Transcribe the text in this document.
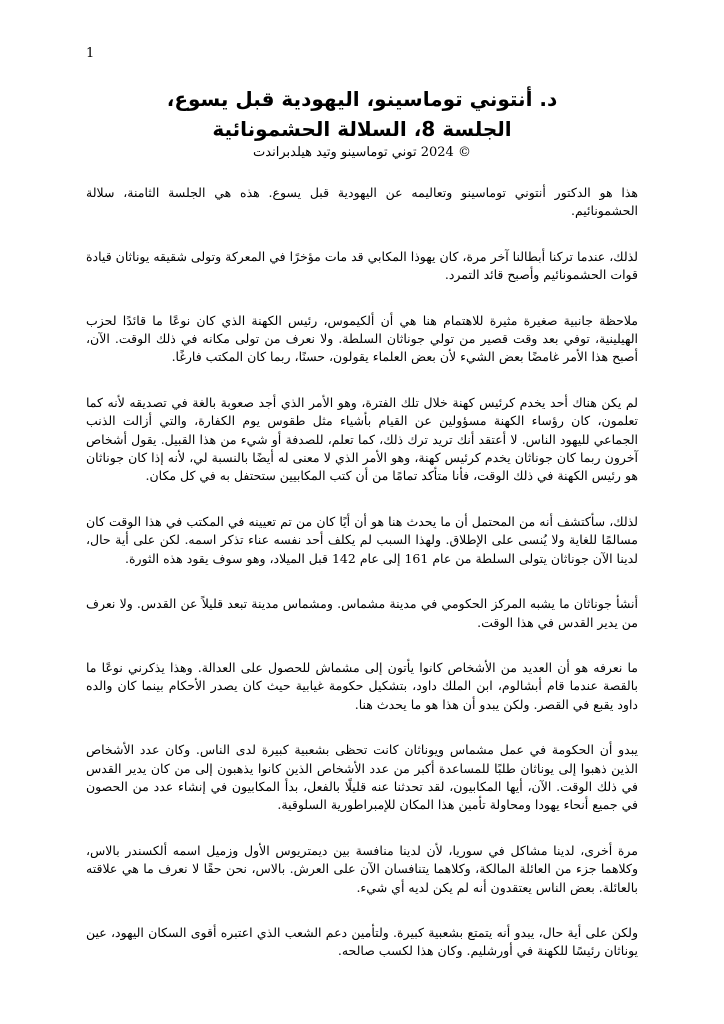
1

د. أنتوني توماسينو، اليهودية قبل يسوع،

الجلسة 8، السلالة الحشمونائية

© 2024 توني توماسينو وتيد هيلدبراندت

هذا هو الدكتور أنتوني توماسينو وتعاليمه عن اليهودية قبل يسوع. هذه هي الجلسة الثامنة، سلالة الحشمونائيم.

لذلك، عندما تركنا أبطالنا آخر مرة، كان يهوذا المكابي قد مات مؤخرًا في المعركة وتولى شقيقه يوناثان قيادة قوات الحشمونائيم وأصبح قائد التمرد.

ملاحظة جانبية صغيرة مثيرة للاهتمام هنا هي أن ألكيموس، رئيس الكهنة الذي كان نوعًا ما قائدًا لحزب الهيلينية، توفي بعد وقت قصير من تولي جوناثان السلطة. ولا نعرف من تولى مكانه في ذلك الوقت. الآن، أصبح هذا الأمر غامضًا بعض الشيء لأن بعض العلماء يقولون، حسنًا، ربما كان المكتب فارغًا.

لم يكن هناك أحد يخدم كرئيس كهنة خلال تلك الفترة، وهو الأمر الذي أجد صعوبة بالغة في تصديقه لأنه كما تعلمون، كان رؤساء الكهنة مسؤولين عن القيام بأشياء مثل طقوس يوم الكفارة، والتي أزالت الذنب الجماعي لليهود الناس. لا أعتقد أنك تريد ترك ذلك، كما تعلم، للصدفة أو شيء من هذا القبيل. يقول أشخاص آخرون ربما كان جوناثان يخدم كرئيس كهنة، وهو الأمر الذي لا معنى له أيضًا بالنسبة لي، لأنه إذا كان جوناثان هو رئيس الكهنة في ذلك الوقت، فأنا متأكد تمامًا من أن كتب المكابيين ستحتفل به في كل مكان.

لذلك، سأكتشف أنه من المحتمل أن ما يحدث هنا هو أن أيًا كان من تم تعيينه في المكتب في هذا الوقت كان مسالمًا للغاية ولا يُنسى على الإطلاق. ولهذا السبب لم يكلف أحد نفسه عناء تذكر اسمه. لكن على أية حال، لدينا الآن جوناثان يتولى السلطة من عام 161 إلى عام 142 قبل الميلاد، وهو سوف يقود هذه الثورة.

أنشأ جوناثان ما يشبه المركز الحكومي في مدينة مشماس. ومشماس مدينة تبعد قليلاً عن القدس. ولا نعرف من يدير القدس في هذا الوقت.

ما نعرفه هو أن العديد من الأشخاص كانوا يأتون إلى مشماش للحصول على العدالة. وهذا يذكرني نوعًا ما بالقصة عندما قام أبشالوم، ابن الملك داود، بتشكيل حكومة غيابية حيث كان يصدر الأحكام بينما كان والده داود يقبع في القصر. ولكن يبدو أن هذا هو ما يحدث هنا.

يبدو أن الحكومة في عمل مشماس ويوناثان كانت تحظى بشعبية كبيرة لدى الناس. وكان عدد الأشخاص الذين ذهبوا إلى يوناثان طلبًا للمساعدة أكبر من عدد الأشخاص الذين كانوا يذهبون إلى من كان يدير القدس في ذلك الوقت. الآن، أيها المكابيون، لقد تحدثنا عنه قليلًا بالفعل، بدأ المكابيون في إنشاء عدد من الحصون في جميع أنحاء يهودا ومحاولة تأمين هذا المكان للإمبراطورية السلوقية.

مرة أخرى، لدينا مشاكل في سوريا، لأن لدينا منافسة بين ديمتريوس الأول وزميل اسمه ألكسندر بالاس، وكلاهما جزء من العائلة المالكة، وكلاهما يتنافسان الآن على العرش. بالاس، نحن حقًا لا نعرف ما هي علاقته بالعائلة. بعض الناس يعتقدون أنه لم يكن لديه أي شيء.

ولكن على أية حال، يبدو أنه يتمتع بشعبية كبيرة. ولتأمين دعم الشعب الذي اعتبره أقوى السكان اليهود، عين يوناثان رئيسًا للكهنة في أورشليم. وكان هذا لكسب صالحه.
